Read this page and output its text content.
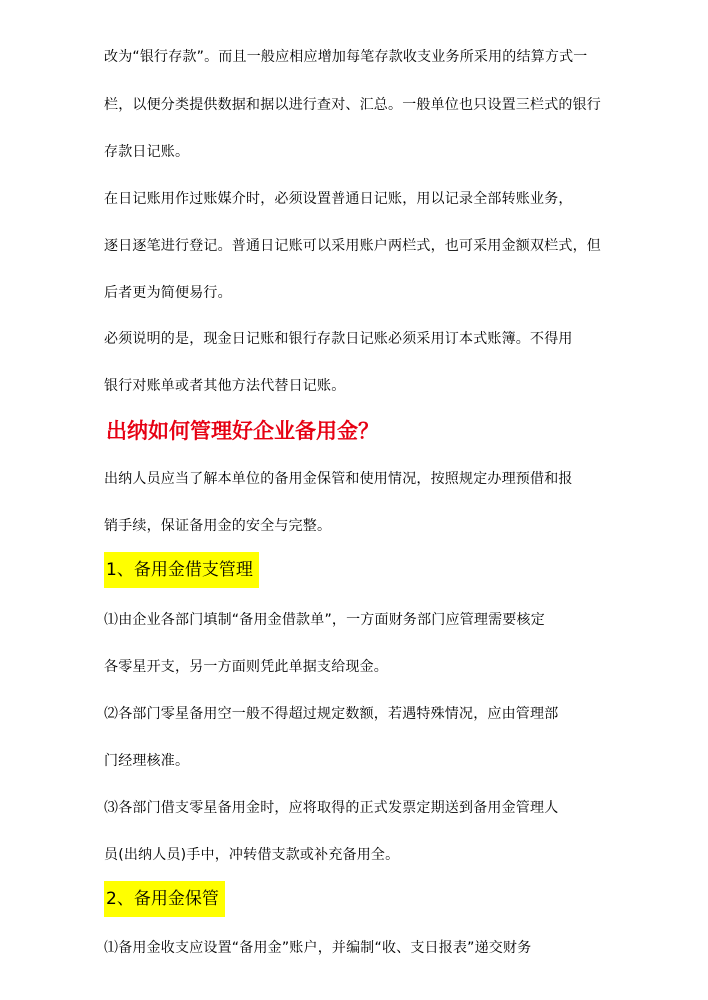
改为“银行存款”。而且一般应相应增加每笔存款收支业务所采用的结算方式一
栏，以便分类提供数据和据以进行查对、汇总。一般单位也只设置三栏式的银行
存款日记账。
在日记账用作过账媒介时，必须设置普通日记账，用以记录全部转账业务，
逐日逐笔进行登记。普通日记账可以采用账户两栏式，也可采用金额双栏式，但
后者更为简便易行。
必须说明的是，现金日记账和银行存款日记账必须采用订本式账簿。不得用
银行对账单或者其他方法代替日记账。
出纳如何管理好企业备用金？
出纳人员应当了解本单位的备用金保管和使用情况，按照规定办理预借和报
销手续，保证备用金的安全与完整。
1、备用金借支管理
⑴由企业各部门填制“备用金借款单”，一方面财务部门应管理需要核定
各零星开支，另一方面则凭此单据支给现金。
⑵各部门零星备用空一般不得超过规定数额，若遇特殊情况，应由管理部
门经理核准。
⑶各部门借支零星备用金时，应将取得的正式发票定期送到备用金管理人
员(出纳人员)手中，冲转借支款或补充备用全。
2、备用金保管
⑴备用金收支应设置“备用金”账户，并编制“收、支日报表”递交财务
